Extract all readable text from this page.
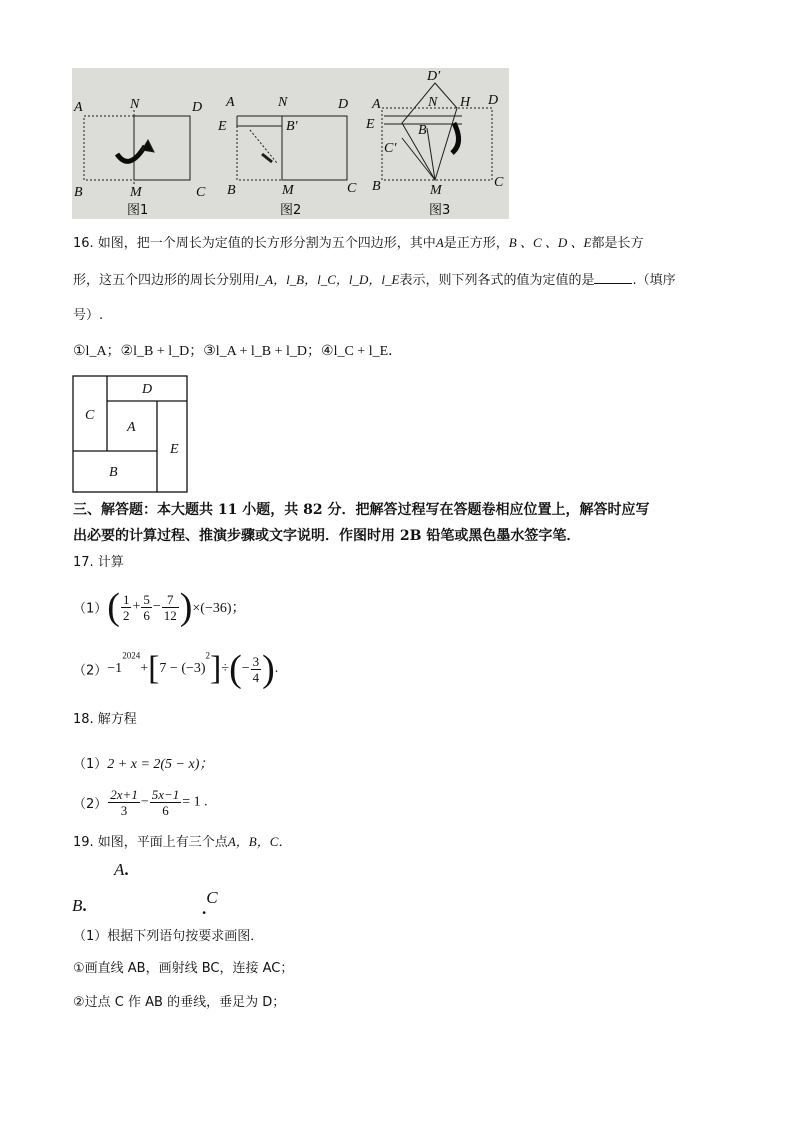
A	N	D
B	M	C
A	N	D
E	B′
B	M	C
D′
A	N H D
E	B
C′
B	M
C
图1	图2	图3
16. 如图，把一个周长为定值的长方形分割为五个四边形，其中A是正方形，B 、C 、D 、E都是长方
形，这五个四边形的周长分别用l_A，l_B，l_C，l_D，l_E表示，则下列各式的值为定值的是	.（填序
号）.
①l_A；②l_B + l_D；③l_A + l_B + l_D；④l_C + l_E．
D
C
A
E
B
三、解答题：本大题共 11 小题，共 82 分．把解答过程写在答题卷相应位置上，解答时应写
出必要的计算过程、推演步骤或文字说明．作图时用 2B 铅笔或黑色墨水签字笔．
17. 计算
$(1)( \frac{1}{2} + \frac{5}{6} - \frac{7}{12} )\times(-36)$；
$(2)-1^{2024}+[7 - (-3)^2]\div(- \frac{3}{4}$ ).
18. 解方程
（1）2 + x = 2(5 − x)；
$(2) \frac{2x+1}{3} - \frac{5x-1}{6} = 1$ .
19. 如图，平面上有三个点A，B，C．
A.
B.	.C
（1）根据下列语句按要求画图．
①画直线 AB，画射线 BC，连接 AC；
②过点 C 作 AB 的垂线，垂足为 D；
